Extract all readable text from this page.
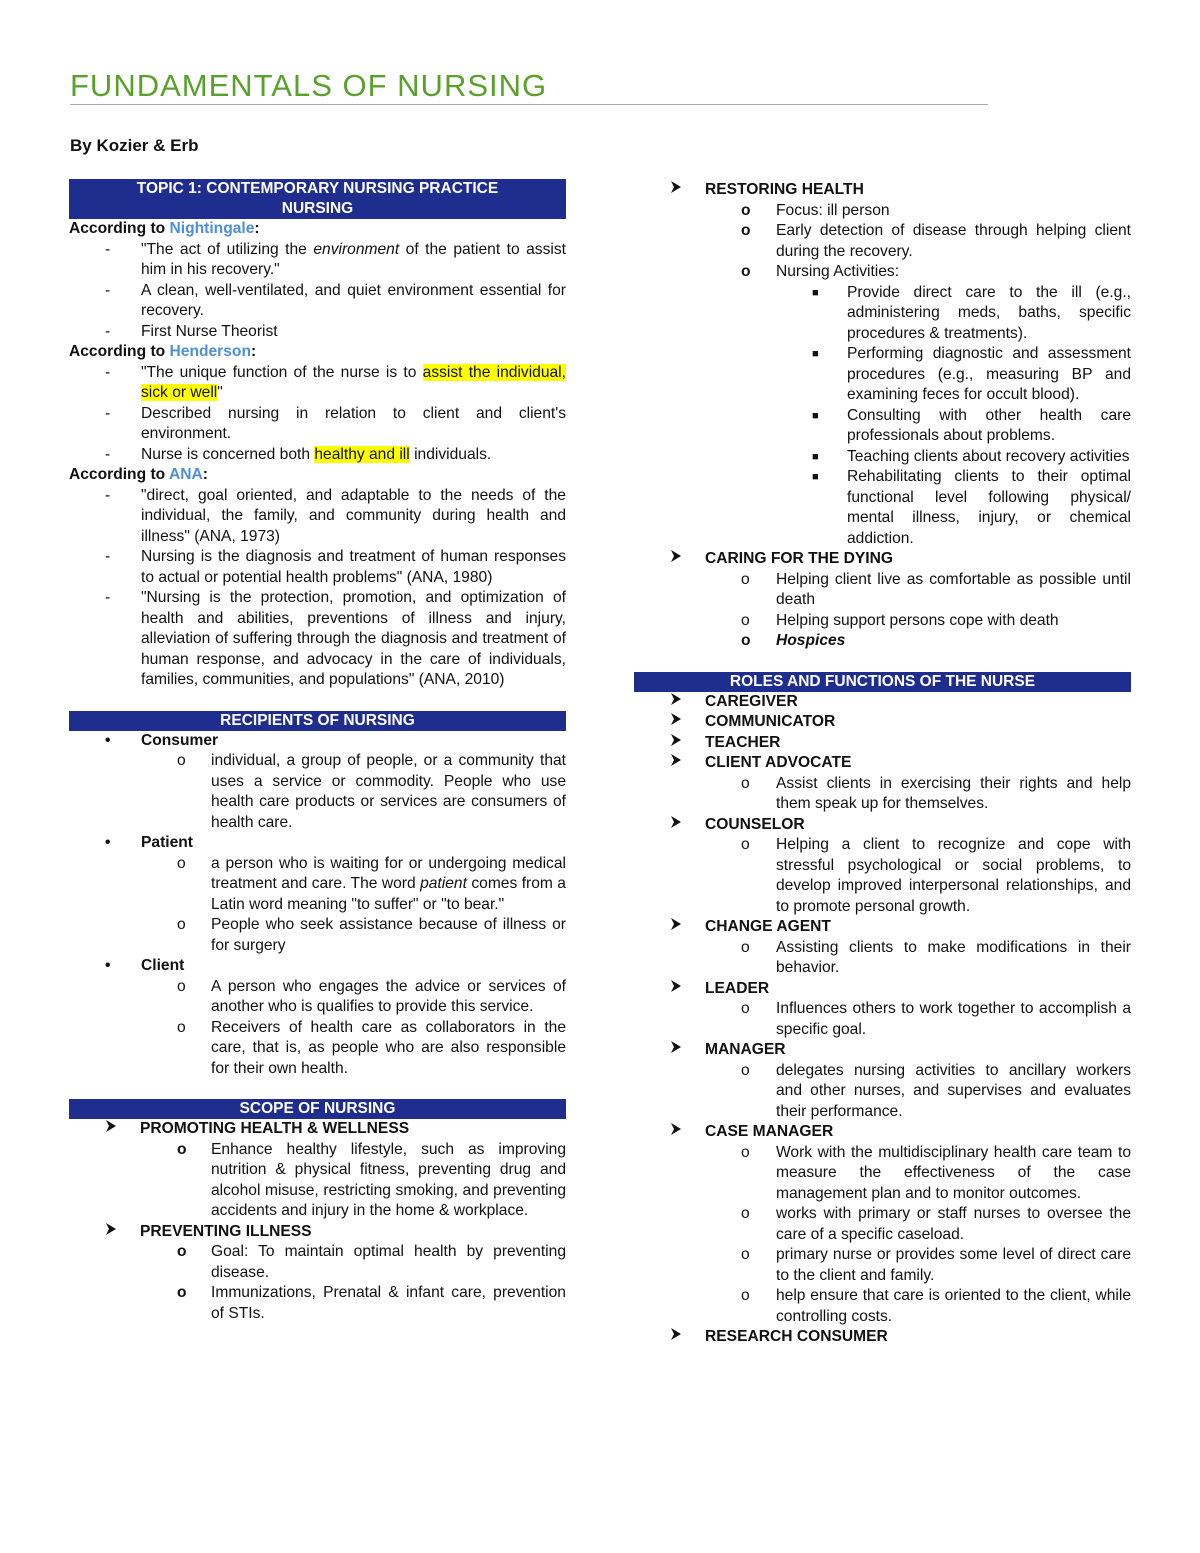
FUNDAMENTALS OF NURSING
By Kozier & Erb
TOPIC 1: CONTEMPORARY NURSING PRACTICE
NURSING
According to Nightingale:
- "The act of utilizing the environment of the patient to assist him in his recovery."
- A clean, well-ventilated, and quiet environment essential for recovery.
- First Nurse Theorist
According to Henderson:
- "The unique function of the nurse is to assist the individual, sick or well"
- Described nursing in relation to client and client's environment.
- Nurse is concerned both healthy and ill individuals.
According to ANA:
- "direct, goal oriented, and adaptable to the needs of the individual, the family, and community during health and illness" (ANA, 1973)
- Nursing is the diagnosis and treatment of human responses to actual or potential health problems" (ANA, 1980)
- "Nursing is the protection, promotion, and optimization of health and abilities, preventions of illness and injury, alleviation of suffering through the diagnosis and treatment of human response, and advocacy in the care of individuals, families, communities, and populations" (ANA, 2010)
RECIPIENTS OF NURSING
• Consumer
o individual, a group of people, or a community that uses a service or commodity. People who use health care products or services are consumers of health care.
• Patient
o a person who is waiting for or undergoing medical treatment and care. The word patient comes from a Latin word meaning "to suffer" or "to bear."
o People who seek assistance because of illness or for surgery
• Client
o A person who engages the advice or services of another who is qualifies to provide this service.
o Receivers of health care as collaborators in the care, that is, as people who are also responsible for their own health.
SCOPE OF NURSING
PROMOTING HEALTH & WELLNESS
o Enhance healthy lifestyle, such as improving nutrition & physical fitness, preventing drug and alcohol misuse, restricting smoking, and preventing accidents and injury in the home & workplace.
PREVENTING ILLNESS
o Goal: To maintain optimal health by preventing disease.
o Immunizations, Prenatal & infant care, prevention of STIs.
RESTORING HEALTH
o Focus: ill person
o Early detection of disease through helping client during the recovery.
o Nursing Activities:
■ Provide direct care to the ill (e.g., administering meds, baths, specific procedures & treatments).
■ Performing diagnostic and assessment procedures (e.g., measuring BP and examining feces for occult blood).
■ Consulting with other health care professionals about problems.
■ Teaching clients about recovery activities
■ Rehabilitating clients to their optimal functional level following physical/ mental illness, injury, or chemical addiction.
CARING FOR THE DYING
o Helping client live as comfortable as possible until death
o Helping support persons cope with death
o Hospices
ROLES AND FUNCTIONS OF THE NURSE
CAREGIVER
COMMUNICATOR
TEACHER
CLIENT ADVOCATE
o Assist clients in exercising their rights and help them speak up for themselves.
COUNSELOR
o Helping a client to recognize and cope with stressful psychological or social problems, to develop improved interpersonal relationships, and to promote personal growth.
CHANGE AGENT
o Assisting clients to make modifications in their behavior.
LEADER
o Influences others to work together to accomplish a specific goal.
MANAGER
o delegates nursing activities to ancillary workers and other nurses, and supervises and evaluates their performance.
CASE MANAGER
o Work with the multidisciplinary health care team to measure the effectiveness of the case management plan and to monitor outcomes.
o works with primary or staff nurses to oversee the care of a specific caseload.
o primary nurse or provides some level of direct care to the client and family.
o help ensure that care is oriented to the client, while controlling costs.
RESEARCH CONSUMER
